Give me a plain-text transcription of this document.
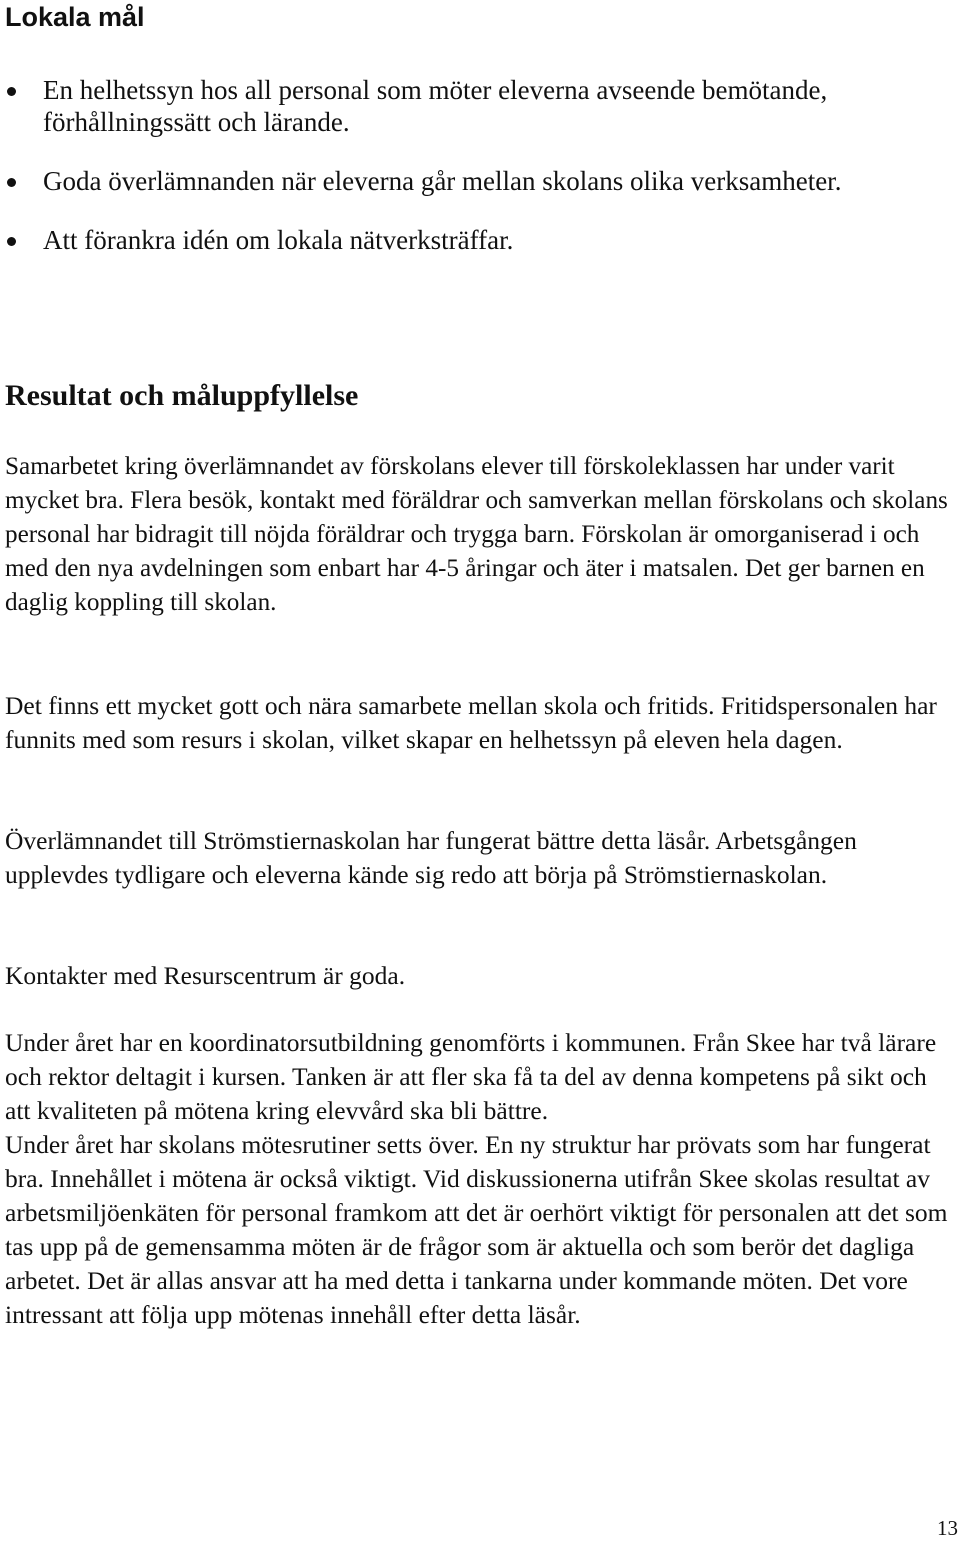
Lokala mål
En helhetssyn hos all personal som möter eleverna avseende bemötande, förhållningssätt och lärande.
Goda överlämnanden när eleverna går mellan skolans olika verksamheter.
Att förankra idén om lokala nätverksträffar.
Resultat och måluppfyllelse

Samarbetet kring överlämnandet av förskolans elever till förskoleklassen har under varit mycket bra. Flera besök, kontakt med föräldrar och samverkan mellan förskolans och skolans personal har bidragit till nöjda föräldrar och trygga barn. Förskolan är omorganiserad i och med den nya avdelningen som enbart har 4-5 åringar och äter i matsalen. Det ger barnen en daglig koppling till skolan.

Det finns ett mycket gott och nära samarbete mellan skola och fritids. Fritidspersonalen har funnits med som resurs i skolan, vilket skapar en helhetssyn på eleven hela dagen.

Överlämnandet till Strömstiernaskolan har fungerat bättre detta läsår. Arbetsgången upplevdes tydligare och eleverna kände sig redo att börja på Strömstiernaskolan.

Kontakter med Resurscentrum är goda.

Under året har en koordinatorsutbildning genomförts i kommunen. Från Skee har två lärare och rektor deltagit i kursen. Tanken är att fler ska få ta del av denna kompetens på sikt och att kvaliteten på mötena kring elevvård ska bli bättre.
Under året har skolans mötesrutiner setts över. En ny struktur har prövats som har fungerat bra. Innehållet i mötena är också viktigt. Vid diskussionerna utifrån Skee skolas resultat av arbetsmiljöenkäten för personal framkom att det är oerhört viktigt för personalen att det som tas upp på de gemensamma möten är de frågor som är aktuella och som berör det dagliga arbetet. Det är allas ansvar att ha med detta i tankarna under kommande möten. Det vore intressant att följa upp mötenas innehåll efter detta läsår.
13
